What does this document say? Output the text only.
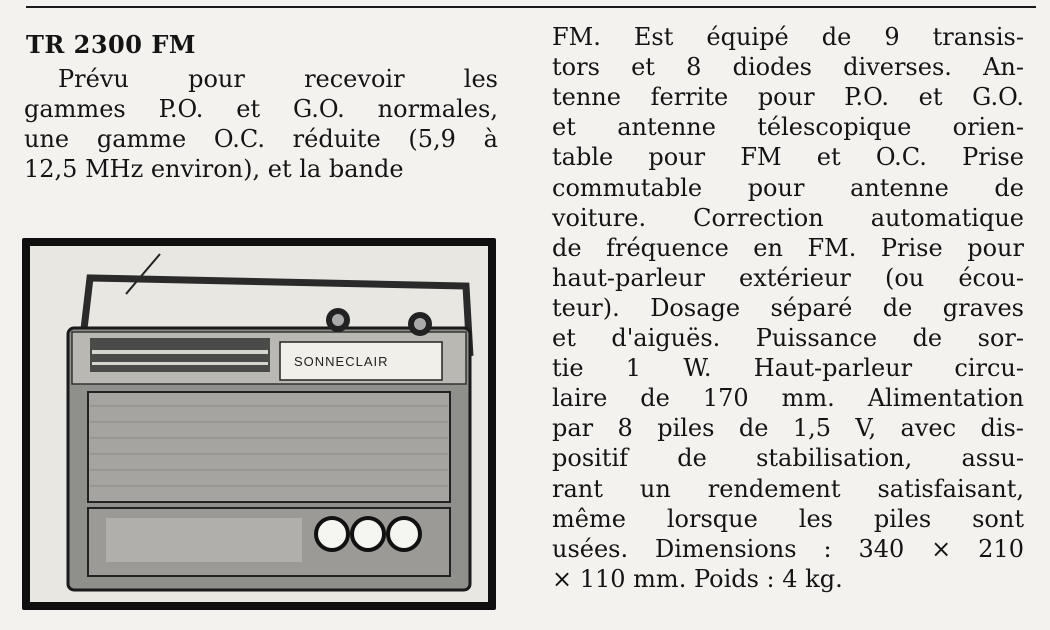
TR 2300 FM
Prévu pour recevoir les
gammes P.O. et G.O. normales,
une gamme O.C. réduite (5,9 à
12,5 MHz environ), et la bande
FM. Est équipé de 9 transis-
tors et 8 diodes diverses. An-
tenne ferrite pour P.O. et G.O.
et antenne télescopique orien-
table pour FM et O.C. Prise
commutable pour antenne de
voiture. Correction automatique
de fréquence en FM. Prise pour
haut-parleur extérieur (ou écou-
teur). Dosage séparé de graves
et d'aiguës. Puissance de sor-
tie 1 W. Haut-parleur circu-
laire de 170 mm. Alimentation
par 8 piles de 1,5 V, avec dis-
positif de stabilisation, assu-
rant un rendement satisfaisant,
même lorsque les piles sont
usées. Dimensions : 340 × 210
× 110 mm. Poids : 4 kg.
SONNECLAIR
